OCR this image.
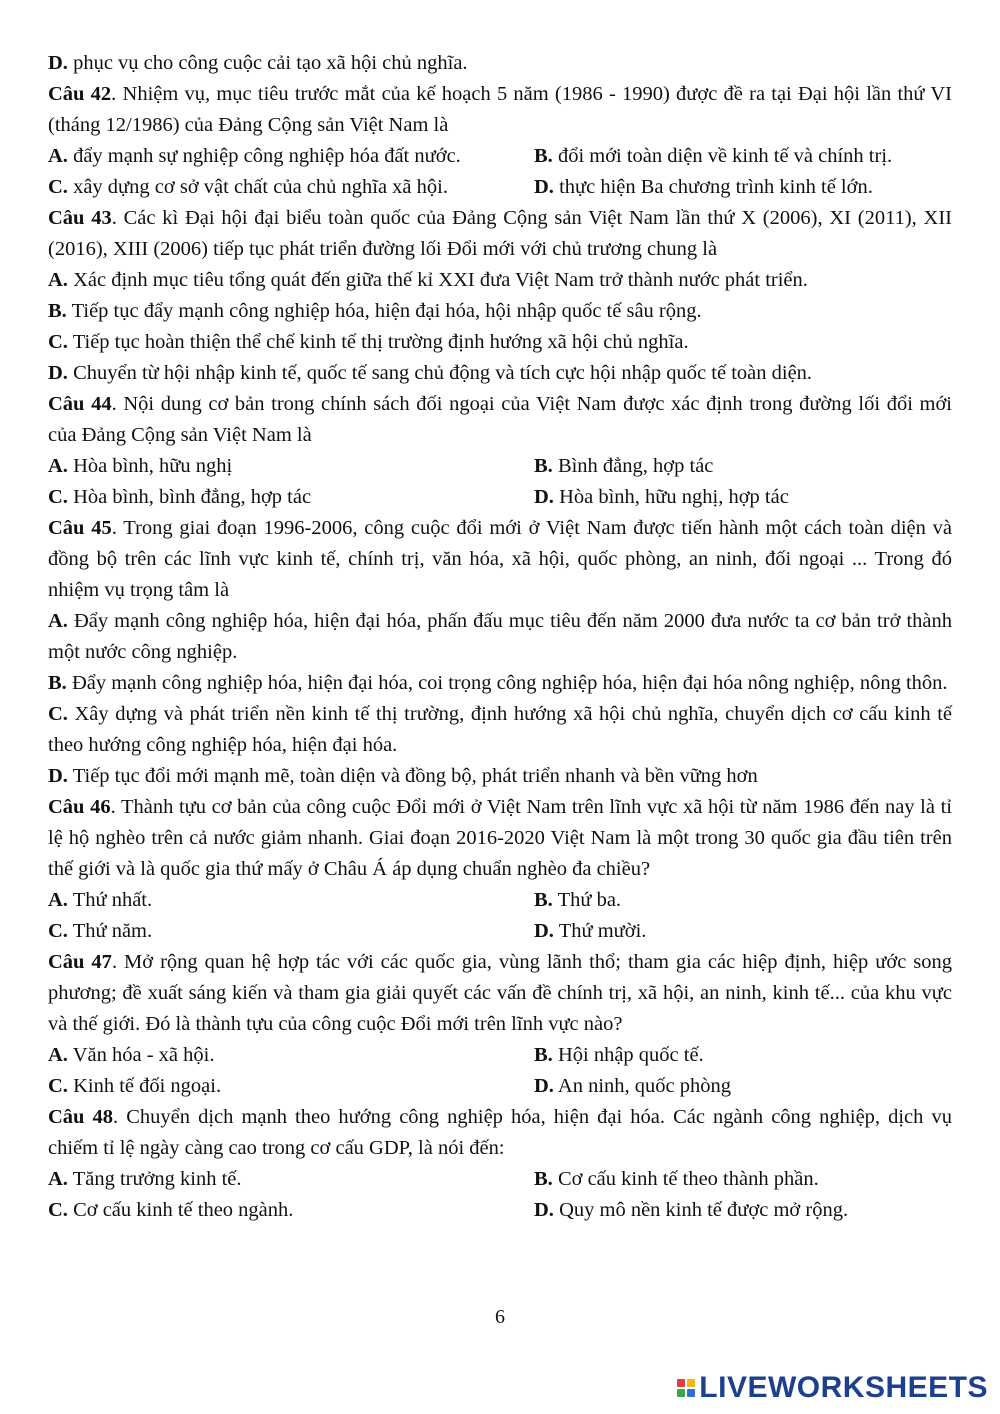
D. phục vụ cho công cuộc cải tạo xã hội chủ nghĩa.
Câu 42. Nhiệm vụ, mục tiêu trước mắt của kế hoạch 5 năm (1986 - 1990) được đề ra tại Đại hội lần thứ VI (tháng 12/1986) của Đảng Cộng sản Việt Nam là
A. đẩy mạnh sự nghiệp công nghiệp hóa đất nước.	B. đổi mới toàn diện về kinh tế và chính trị.
C. xây dựng cơ sở vật chất của chủ nghĩa xã hội.	D. thực hiện Ba chương trình kinh tế lớn.
Câu 43. Các kì Đại hội đại biểu toàn quốc của Đảng Cộng sản Việt Nam lần thứ X (2006), XI (2011), XII (2016), XIII (2006) tiếp tục phát triển đường lối Đổi mới với chủ trương chung là
A. Xác định mục tiêu tổng quát đến giữa thế kỉ XXI đưa Việt Nam trở thành nước phát triển.
B. Tiếp tục đẩy mạnh công nghiệp hóa, hiện đại hóa, hội nhập quốc tế sâu rộng.
C. Tiếp tục hoàn thiện thể chế kinh tế thị trường định hướng xã hội chủ nghĩa.
D. Chuyển từ hội nhập kinh tế, quốc tế sang chủ động và tích cực hội nhập quốc tế toàn diện.
Câu 44. Nội dung cơ bản trong chính sách đối ngoại của Việt Nam được xác định trong đường lối đổi mới của Đảng Cộng sản Việt Nam là
A. Hòa bình, hữu nghị	B. Bình đẳng, hợp tác
C. Hòa bình, bình đẳng, hợp tác	D. Hòa bình, hữu nghị, hợp tác
Câu 45. Trong giai đoạn 1996-2006, công cuộc đổi mới ở Việt Nam được tiến hành một cách toàn diện và đồng bộ trên các lĩnh vực kinh tế, chính trị, văn hóa, xã hội, quốc phòng, an ninh, đối ngoại ... Trong đó nhiệm vụ trọng tâm là
A. Đẩy mạnh công nghiệp hóa, hiện đại hóa, phấn đấu mục tiêu đến năm 2000 đưa nước ta cơ bản trở thành một nước công nghiệp.
B. Đẩy mạnh công nghiệp hóa, hiện đại hóa, coi trọng công nghiệp hóa, hiện đại hóa nông nghiệp, nông thôn.
C. Xây dựng và phát triển nền kinh tế thị trường, định hướng xã hội chủ nghĩa, chuyển dịch cơ cấu kinh tế theo hướng công nghiệp hóa, hiện đại hóa.
D. Tiếp tục đổi mới mạnh mẽ, toàn diện và đồng bộ, phát triển nhanh và bền vững hơn
Câu 46. Thành tựu cơ bản của công cuộc Đổi mới ở Việt Nam trên lĩnh vực xã hội từ năm 1986 đến nay là tỉ lệ hộ nghèo trên cả nước giảm nhanh. Giai đoạn 2016-2020 Việt Nam là một trong 30 quốc gia đầu tiên trên thế giới và là quốc gia thứ mấy ở Châu Á áp dụng chuẩn nghèo đa chiều?
A. Thứ nhất.	B. Thứ ba.
C. Thứ năm.	D. Thứ mười.
Câu 47. Mở rộng quan hệ hợp tác với các quốc gia, vùng lãnh thổ; tham gia các hiệp định, hiệp ước song phương; đề xuất sáng kiến và tham gia giải quyết các vấn đề chính trị, xã hội, an ninh, kinh tế... của khu vực và thế giới. Đó là thành tựu của công cuộc Đổi mới trên lĩnh vực nào?
A. Văn hóa - xã hội.	B. Hội nhập quốc tế.
C. Kinh tế đối ngoại.	D. An ninh, quốc phòng
Câu 48. Chuyển dịch mạnh theo hướng công nghiệp hóa, hiện đại hóa. Các ngành công nghiệp, dịch vụ chiếm tỉ lệ ngày càng cao trong cơ cấu GDP, là nói đến:
A. Tăng trưởng kinh tế.	B. Cơ cấu kinh tế theo thành phần.
C. Cơ cấu kinh tế theo ngành.	D. Quy mô nền kinh tế được mở rộng.
6
LIVEWORKSHEETS
